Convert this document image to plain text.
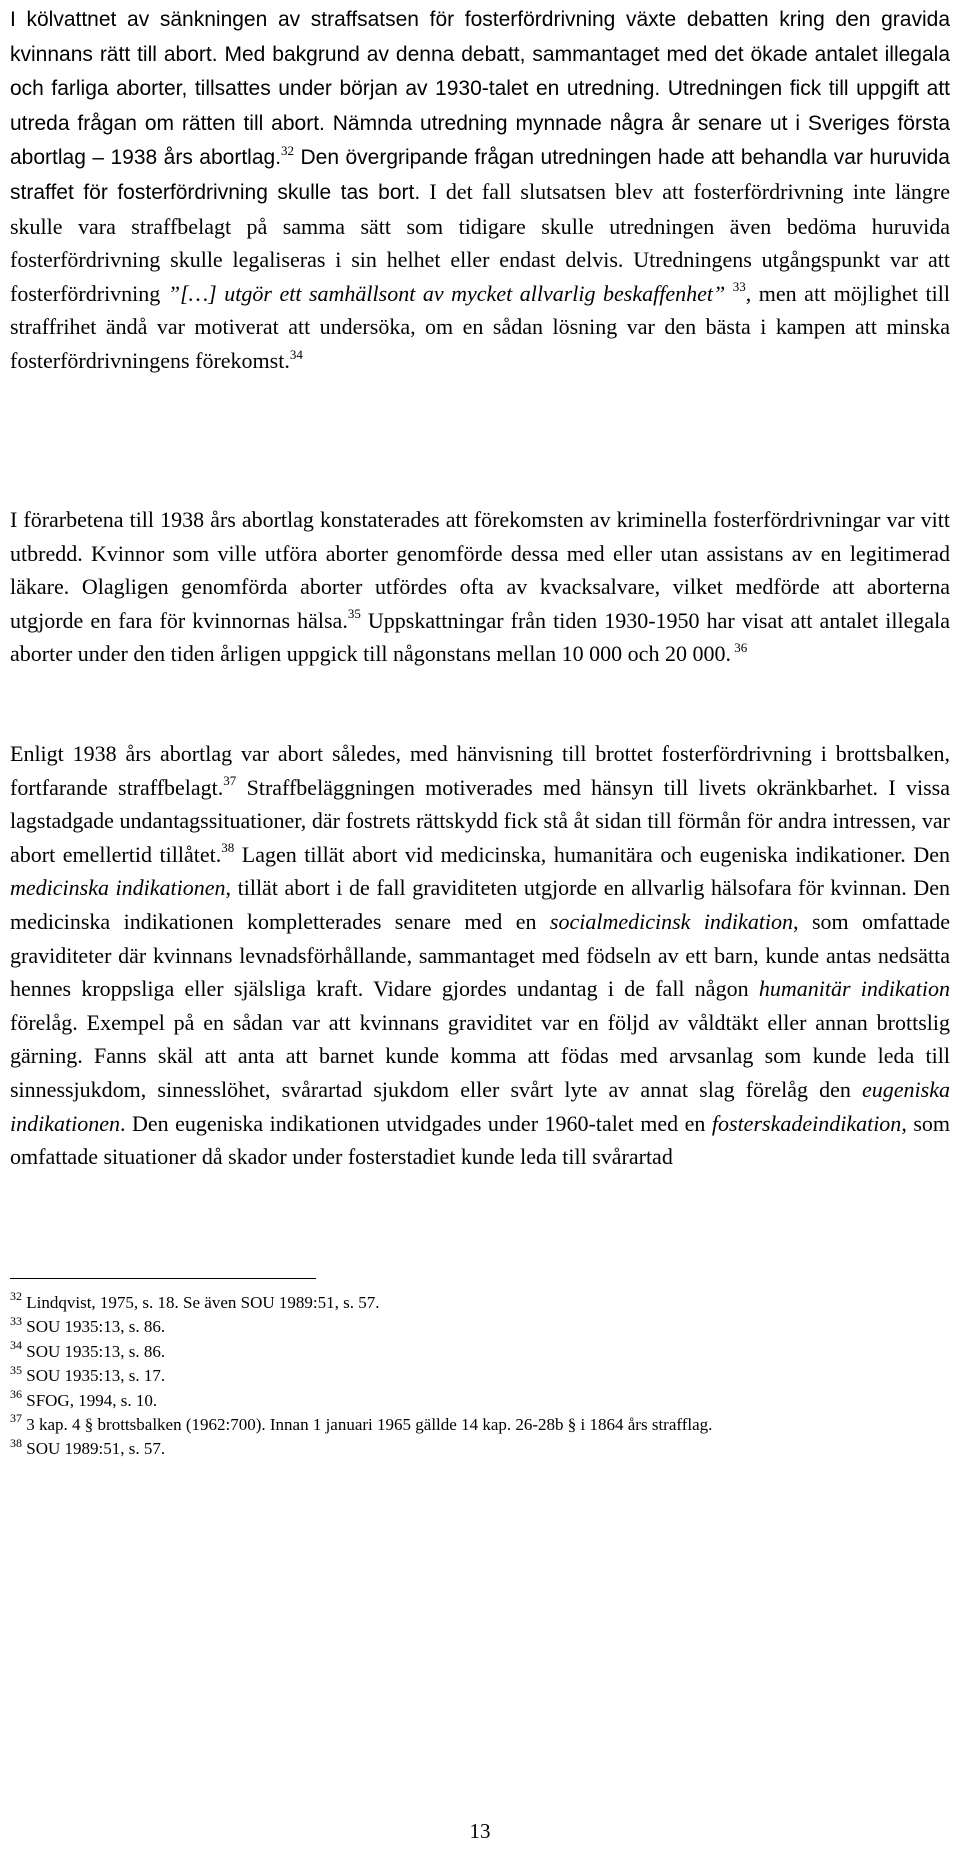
I kölvattnet av sänkningen av straffsatsen för fosterfördrivning växte debatten kring den gravida kvinnans rätt till abort. Med bakgrund av denna debatt, sammantaget med det ökade antalet illegala och farliga aborter, tillsattes under början av 1930-talet en utredning. Utredningen fick till uppgift att utreda frågan om rätten till abort. Nämnda utredning mynnade några år senare ut i Sveriges första abortlag – 1938 års abortlag.$^{32}$ Den övergripande frågan utredningen hade att behandla var huruvida straffet för fosterfördrivning skulle tas bort. I det fall slutsatsen blev att fosterfördrivning inte längre skulle vara straffbelagt på samma sätt som tidigare skulle utredningen även bedöma huruvida fosterfördrivning skulle legaliseras i sin helhet eller endast delvis. Utredningens utgångspunkt var att fosterfördrivning ”[…] utgör ett samhällsont av mycket allvarlig beskaffenhet” $^{33}$, men att möjlighet till straffrihet ändå var motiverat att undersöka, om en sådan lösning var den bästa i kampen att minska fosterfördrivningens förekomst.$^{34}$

I förarbetena till 1938 års abortlag konstaterades att förekomsten av kriminella fosterfördrivningar var vitt utbredd. Kvinnor som ville utföra aborter genomförde dessa med eller utan assistans av en legitimerad läkare. Olagligen genomförda aborter utfördes ofta av kvacksalvare, vilket medförde att aborterna utgjorde en fara för kvinnornas hälsa.$^{35}$ Uppskattningar från tiden 1930-1950 har visat att antalet illegala aborter under den tiden årligen uppgick till någonstans mellan 10 000 och 20 000. $^{36}$

Enligt 1938 års abortlag var abort således, med hänvisning till brottet fosterfördrivning i brottsbalken, fortfarande straffbelagt.$^{37}$ Straffbeläggningen motiverades med hänsyn till livets okränkbarhet. I vissa lagstadgade undantagssituationer, där fostrets rättskydd fick stå åt sidan till förmån för andra intressen, var abort emellertid tillåtet.$^{38}$ Lagen tillät abort vid medicinska, humanitära och eugeniska indikationer. Den medicinska indikationen, tillät abort i de fall graviditeten utgjorde en allvarlig hälsofara för kvinnan. Den medicinska indikationen kompletterades senare med en socialmedicinsk indikation, som omfattade graviditeter där kvinnans levnadsförhållande, sammantaget med födseln av ett barn, kunde antas nedsätta hennes kroppsliga eller själsliga kraft. Vidare gjordes undantag i de fall någon humanitär indikation förelåg. Exempel på en sådan var att kvinnans graviditet var en följd av våldtäkt eller annan brottslig gärning. Fanns skäl att anta att barnet kunde komma att födas med arvsanlag som kunde leda till sinnessjukdom, sinnesslöhet, svårartad sjukdom eller svårt lyte av annat slag förelåg den eugeniska indikationen. Den eugeniska indikationen utvidgades under 1960-talet med en fosterskadeindikation, som omfattade situationer då skador under fosterstadiet kunde leda till svårartad

$^{32}$ Lindqvist, 1975, s. 18. Se även SOU 1989:51, s. 57.
$^{33}$ SOU 1935:13, s. 86.
$^{34}$ SOU 1935:13, s. 86.
$^{35}$ SOU 1935:13, s. 17.
$^{36}$ SFOG, 1994, s. 10.
$^{37}$ 3 kap. 4 § brottsbalken (1962:700). Innan 1 januari 1965 gällde 14 kap. 26-28b § i 1864 års strafflag.
$^{38}$ SOU 1989:51, s. 57.
13
